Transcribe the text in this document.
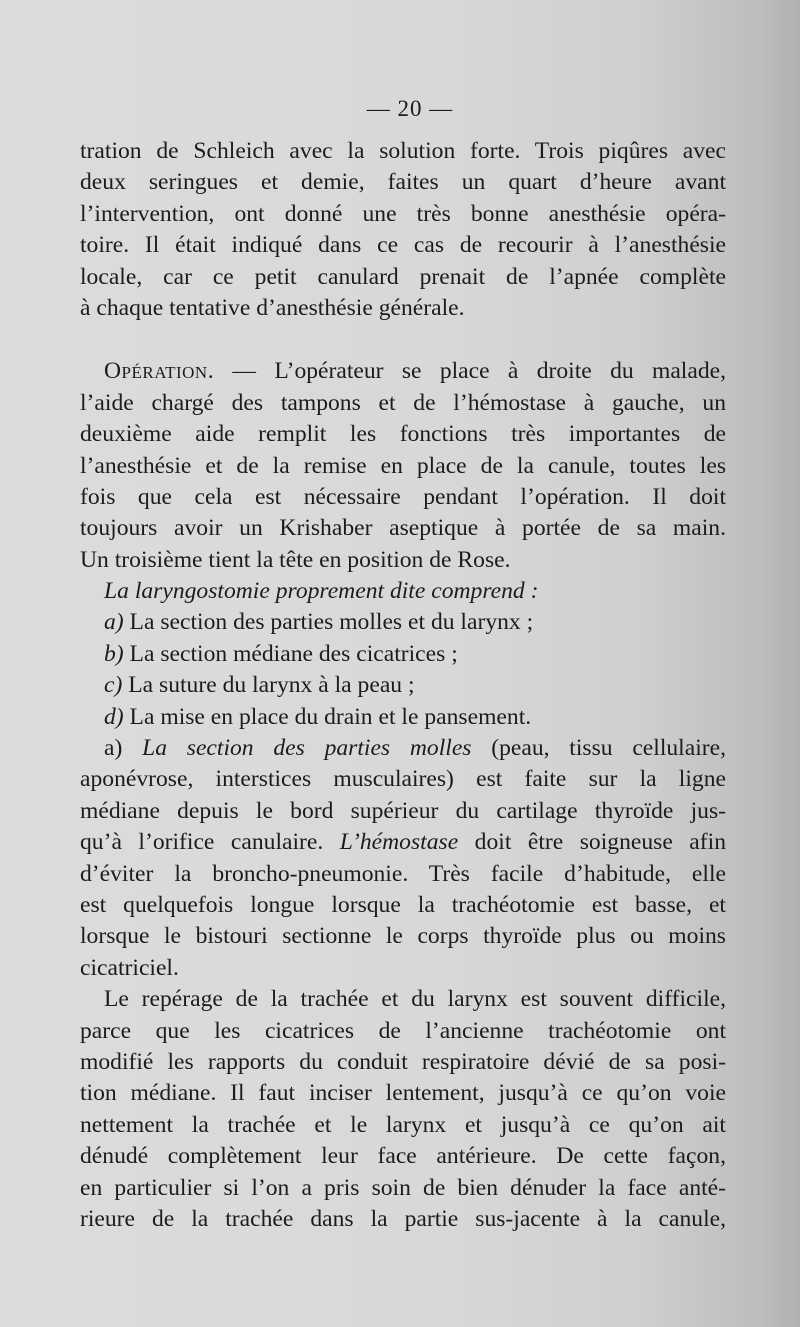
— 20 —
tration de Schleich avec la solution forte. Trois piqûres avec
deux seringues et demie, faites un quart d’heure avant
l’intervention, ont donné une très bonne anesthésie opéra-
toire. Il était indiqué dans ce cas de recourir à l’anesthésie
locale, car ce petit canulard prenait de l’apnée complète
à chaque tentative d’anesthésie générale.
Opération. — L’opérateur se place à droite du malade,
l’aide chargé des tampons et de l’hémostase à gauche, un
deuxième aide remplit les fonctions très importantes de
l’anesthésie et de la remise en place de la canule, toutes les
fois que cela est nécessaire pendant l’opération. Il doit
toujours avoir un Krishaber aseptique à portée de sa main.
Un troisième tient la tête en position de Rose.
La laryngostomie proprement dite comprend :
a) La section des parties molles et du larynx ;
b) La section médiane des cicatrices ;
c) La suture du larynx à la peau ;
d) La mise en place du drain et le pansement.
a) La section des parties molles (peau, tissu cellulaire,
aponévrose, interstices musculaires) est faite sur la ligne
médiane depuis le bord supérieur du cartilage thyroïde jus-
qu’à l’orifice canulaire. L’hémostase doit être soigneuse afin
d’éviter la broncho-pneumonie. Très facile d’habitude, elle
est quelquefois longue lorsque la trachéotomie est basse, et
lorsque le bistouri sectionne le corps thyroïde plus ou moins
cicatriciel.
Le repérage de la trachée et du larynx est souvent difficile,
parce que les cicatrices de l’ancienne trachéotomie ont
modifié les rapports du conduit respiratoire dévié de sa posi-
tion médiane. Il faut inciser lentement, jusqu’à ce qu’on voie
nettement la trachée et le larynx et jusqu’à ce qu’on ait
dénudé complètement leur face antérieure. De cette façon,
en particulier si l’on a pris soin de bien dénuder la face anté-
rieure de la trachée dans la partie sus-jacente à la canule,
